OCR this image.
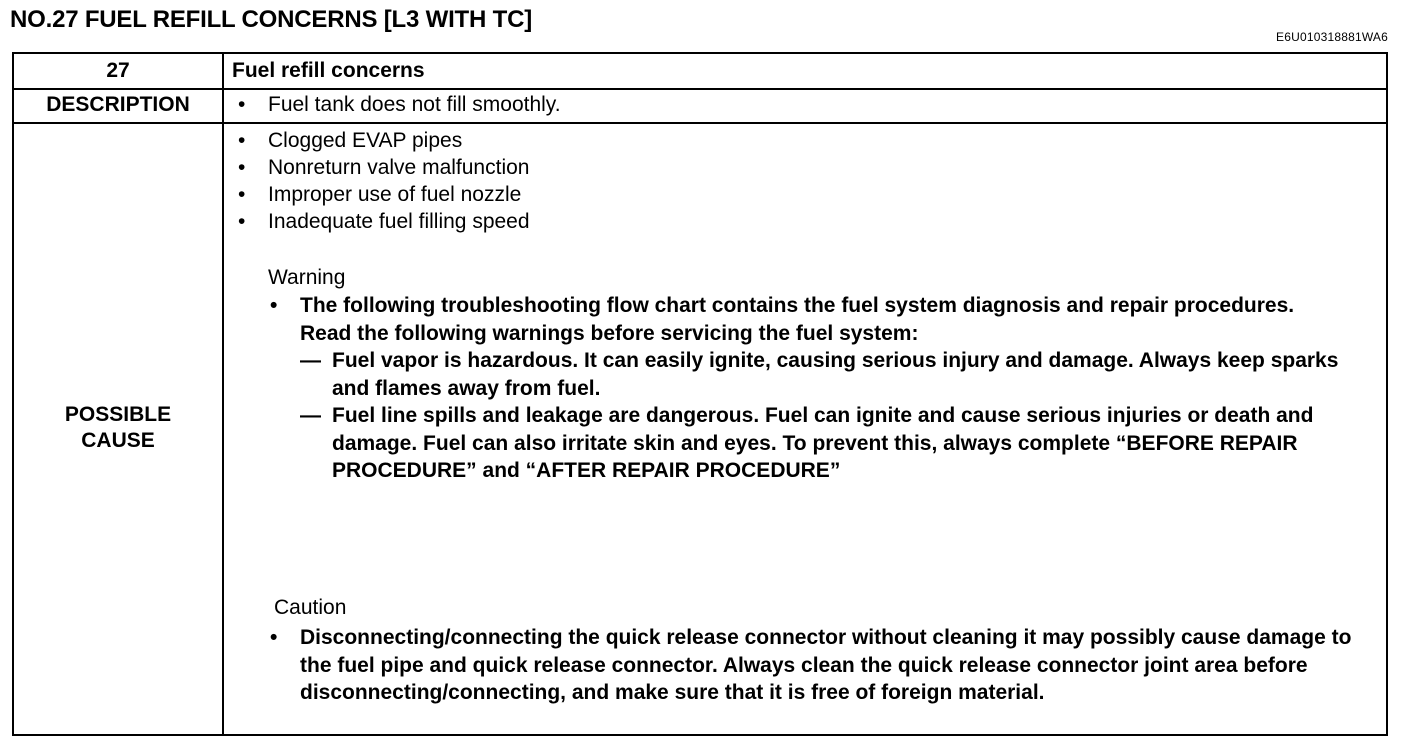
NO.27 FUEL REFILL CONCERNS [L3 WITH TC]
E6U010318881WA6
27	Fuel refill concerns
DESCRIPTION

•	Fuel tank does not fill smoothly.

POSSIBLE
CAUSE
• Clogged EVAP pipes
• Nonreturn valve malfunction
• Improper use of fuel nozzle
• Inadequate fuel filling speed
Warning

• The following troubleshooting flow chart contains the fuel system diagnosis and repair procedures. Read the following warnings before servicing the fuel system:

— Fuel vapor is hazardous. It can easily ignite, causing serious injury and damage. Always keep sparks and flames away from fuel.

— Fuel line spills and leakage are dangerous. Fuel can ignite and cause serious injuries or death and damage. Fuel can also irritate skin and eyes. To prevent this, always complete “BEFORE REPAIR PROCEDURE” and “AFTER REPAIR PROCEDURE”

Caution

• Disconnecting/connecting the quick release connector without cleaning it may possibly cause damage to the fuel pipe and quick release connector. Always clean the quick release connector joint area before disconnecting/connecting, and make sure that it is free of foreign material.
